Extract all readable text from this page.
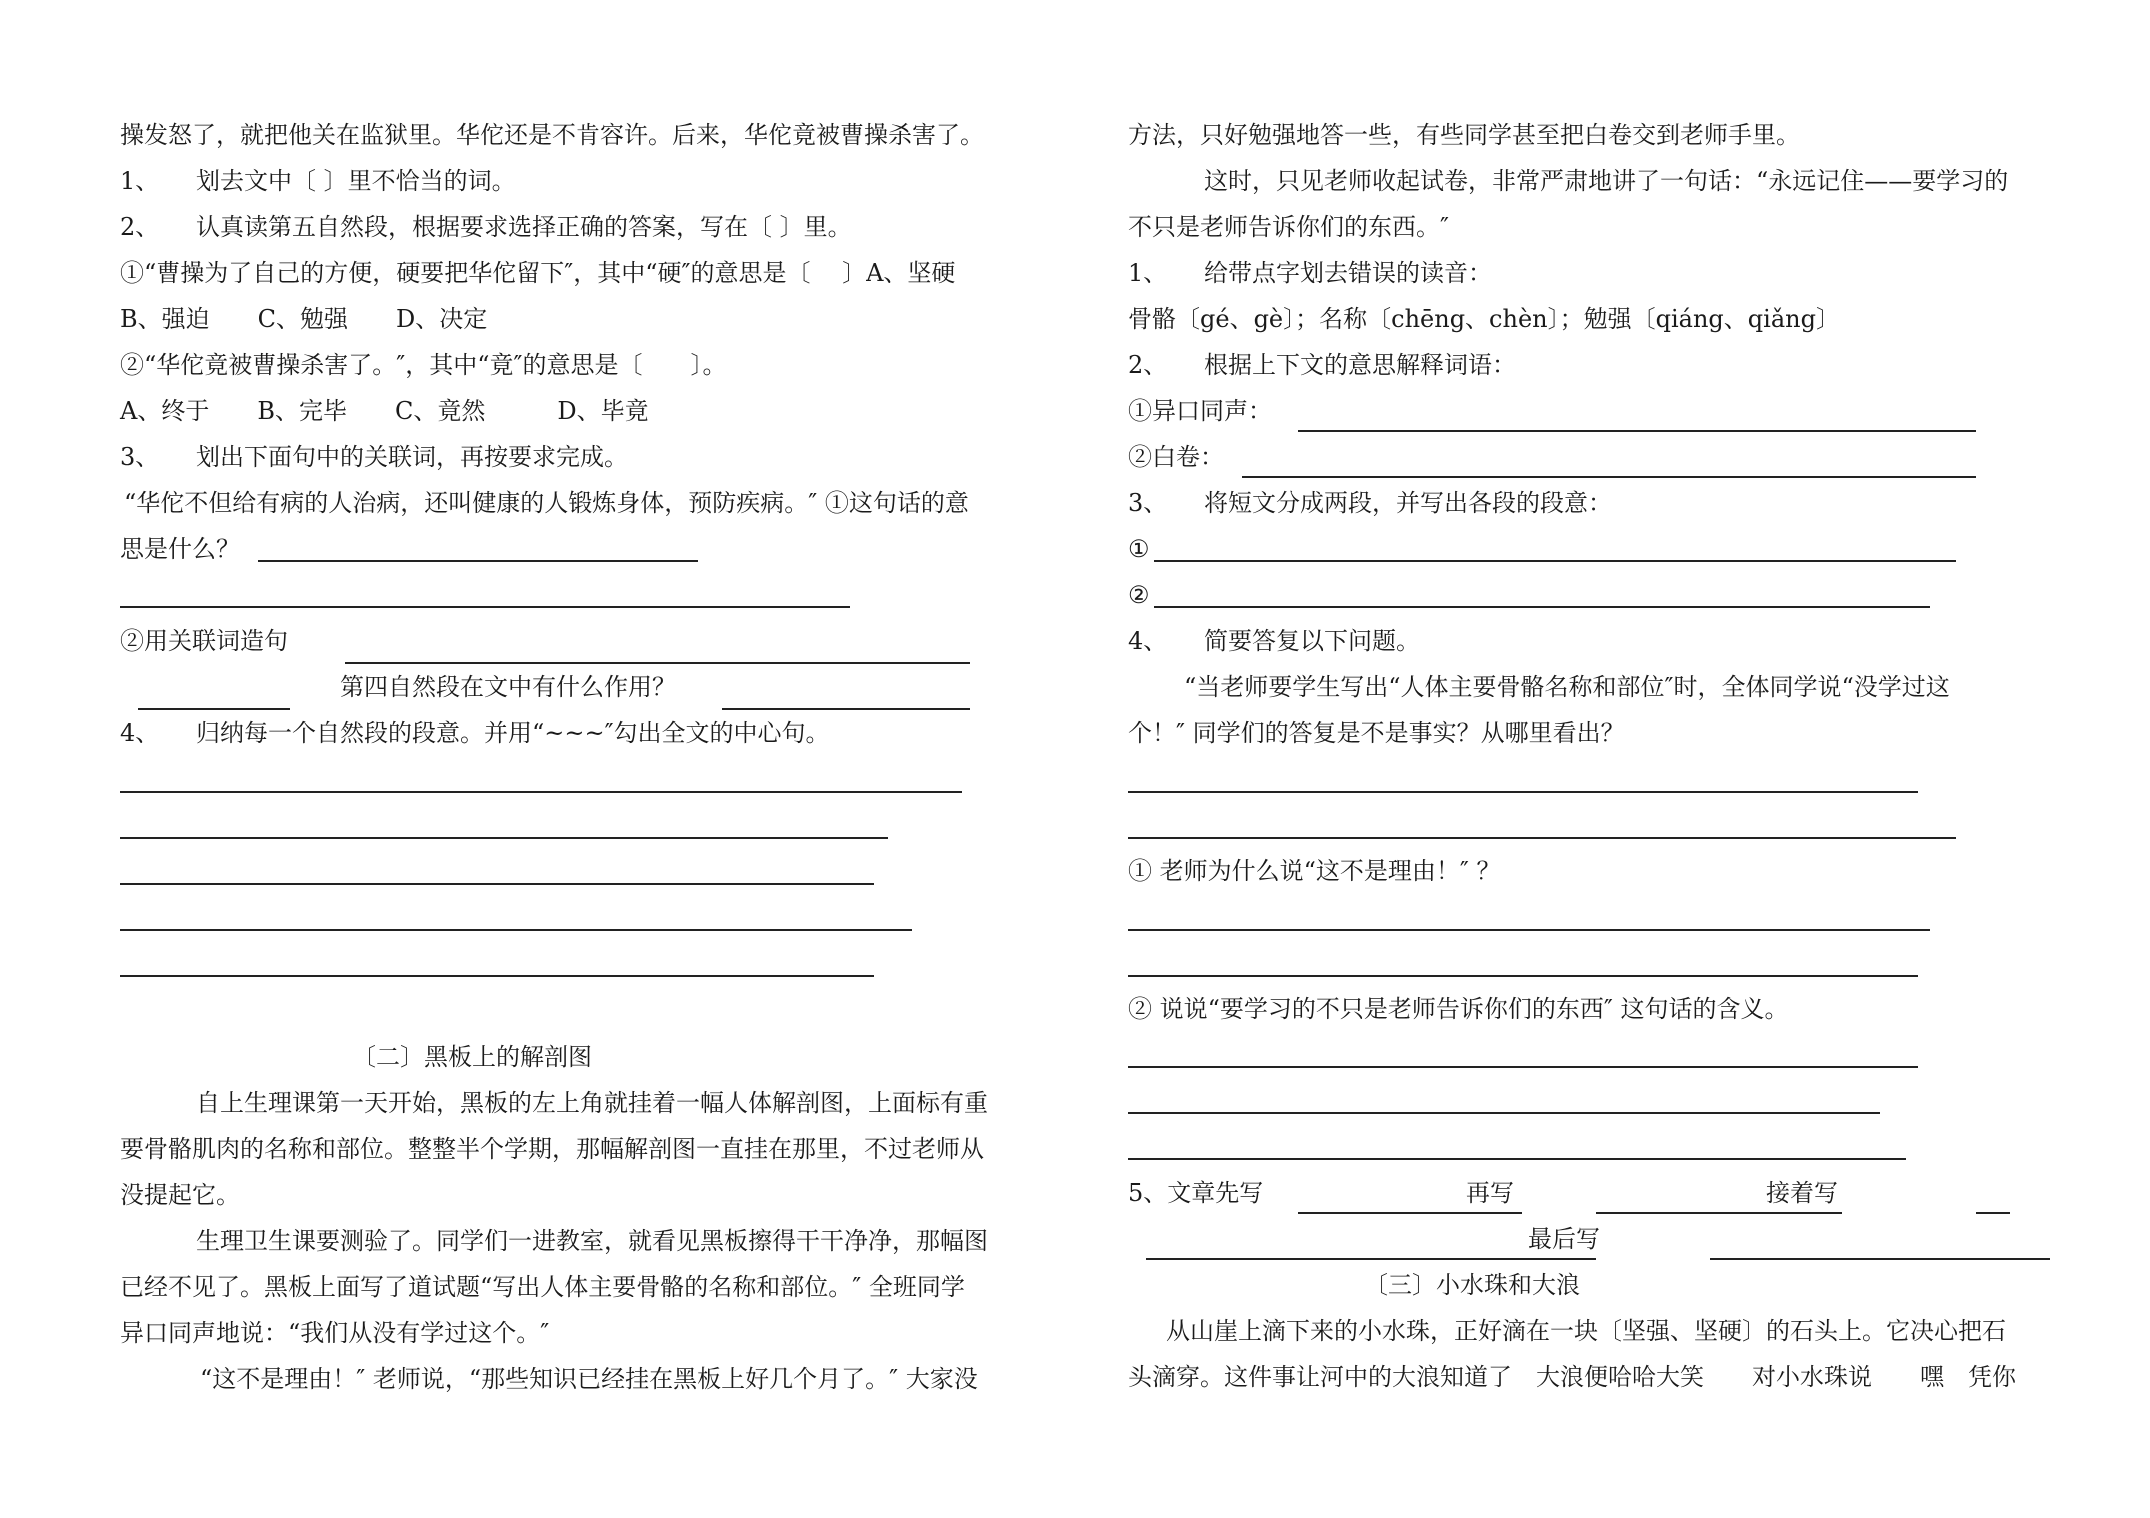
操发怒了，就把他关在监狱里。华佗还是不肯容许。后来，华佗竟被曹操杀害了。

1、 划去文中〔 〕里不恰当的词。

2、 认真读第五自然段，根据要求选择正确的答案，写在〔 〕里。

①“曹操为了自己的方便，硬要把华佗留下″，其中“硬″的意思是〔　 〕A、坚硬

B、强迫　　C、勉强　　D、决定

②“华佗竟被曹操杀害了。″，其中“竟″的意思是〔　　〕。

A、终于　　B、完毕　　C、竟然　　　D、毕竟

3、 划出下面句中的关联词，再按要求完成。

“华佗不但给有病的人治病，还叫健康的人锻炼身体，预防疾病。″ ①这句话的意

思是什么？

②用关联词造句

第四自然段在文中有什么作用？

4、 归纳每一个自然段的段意。并用“~~~″勾出全文的中心句。

〔二〕黑板上的解剖图

自上生理课第一天开始，黑板的左上角就挂着一幅人体解剖图，上面标有重

要骨骼肌肉的名称和部位。整整半个学期，那幅解剖图一直挂在那里，不过老师从

没提起它。

生理卫生课要测验了。同学们一进教室，就看见黑板擦得干干净净，那幅图

已经不见了。黑板上面写了道试题“写出人体主要骨骼的名称和部位。″ 全班同学

异口同声地说：“我们从没有学过这个。″

“这不是理由！″ 老师说，“那些知识已经挂在黑板上好几个月了。″ 大家没

方法，只好勉强地答一些，有些同学甚至把白卷交到老师手里。

这时，只见老师收起试卷，非常严肃地讲了一句话：“永远记住——要学习的

不只是老师告诉你们的东西。″

1、 给带点字划去错误的读音：

骨骼〔gé、gè〕；名称〔chēng、chèn〕；勉强〔qiáng、qiǎng〕

2、 根据上下文的意思解释词语：

①异口同声：

②白卷：

3、 将短文分成两段，并写出各段的段意：

①

②

4、 简要答复以下问题。

“当老师要学生写出“人体主要骨骼名称和部位″时，全体同学说“没学过这

个！″ 同学们的答复是不是事实？从哪里看出？

① 老师为什么说“这不是理由！″ ？

② 说说“要学习的不只是老师告诉你们的东西″ 这句话的含义。

5、文章先写	再写	接着写

最后写

〔三〕小水珠和大浪

从山崖上滴下来的小水珠，正好滴在一块〔坚强、坚硬〕的石头上。它决心把石

头滴穿。这件事让河中的大浪知道了　大浪便哈哈大笑　　对小水珠说　　嘿　凭你
